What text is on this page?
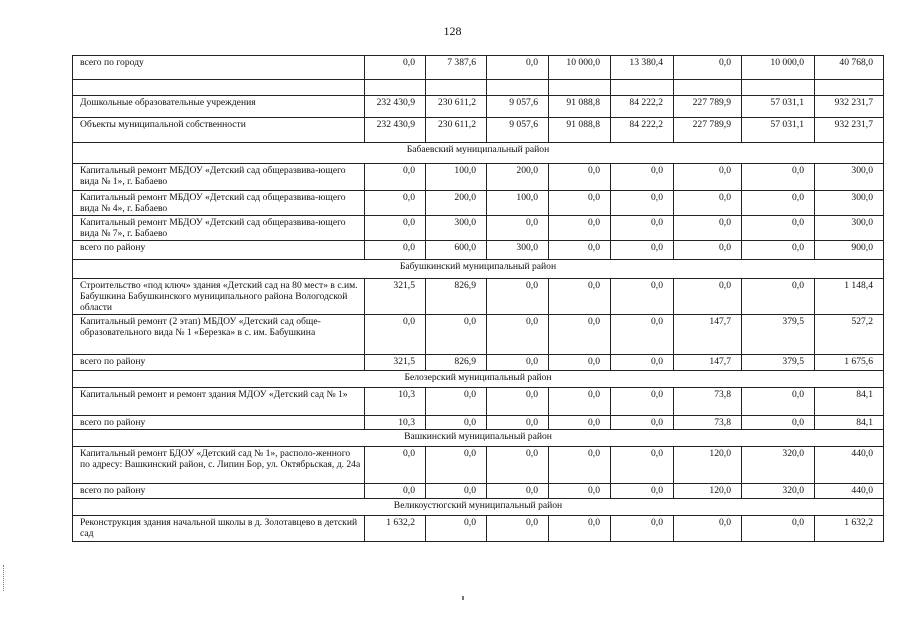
128
всего по городу	0,0	7 387,6	0,0	10 000,0	13 380,4	0,0	10 000,0	40 768,0

Дошкольные образовательные учреждения	232 430,9	230 611,2	9 057,6	91 088,8	84 222,2	227 789,9	57 031,1	932 231,7
Объекты муниципальной собственности	232 430,9	230 611,2	9 057,6	91 088,8	84 222,2	227 789,9	57 031,1	932 231,7
Бабаевский муниципальный район								
Капитальный ремонт МБДОУ «Детский сад общеразвива-ющего вида № 1», г. Бабаево	0,0	100,0	200,0	0,0	0,0	0,0	0,0	300,0
Капитальный ремонт МБДОУ «Детский сад общеразвива-ющего вида № 4», г. Бабаево	0,0	200,0	100,0	0,0	0,0	0,0	0,0	300,0
Капитальный ремонт МБДОУ «Детский сад общеразвива-ющего вида № 7», г. Бабаево	0,0	300,0	0,0	0,0	0,0	0,0	0,0	300,0
всего по району	0,0	600,0	300,0	0,0	0,0	0,0	0,0	900,0
Бабушкинский муниципальный район								
Строительство «под ключ» здания «Детский сад на 80 мест» в с.им. Бабушкина Бабушкинского муниципального района Вологодской области	321,5	826,9	0,0	0,0	0,0	0,0	0,0	1 148,4
Капитальный ремонт (2 этап) МБДОУ «Детский сад обще-образовательного вида № 1 «Березка» в с. им. Бабушкина	0,0	0,0	0,0	0,0	0,0	147,7	379,5	527,2
всего по району	321,5	826,9	0,0	0,0	0,0	147,7	379,5	1 675,6
Белозерский муниципальный район								
Капитальный ремонт и ремонт здания МДОУ «Детский сад № 1»	10,3	0,0	0,0	0,0	0,0	73,8	0,0	84,1
всего по району	10,3	0,0	0,0	0,0	0,0	73,8	0,0	84,1
Вашкинский муниципальный район								
Капитальный ремонт БДОУ «Детский сад № 1», располо-женного по адресу: Вашкинский район, с. Липин Бор, ул. Октябрьская, д. 24а	0,0	0,0	0,0	0,0	0,0	120,0	320,0	440,0
всего по району	0,0	0,0	0,0	0,0	0,0	120,0	320,0	440,0
Великоустюгский муниципальный район								
Реконструкция здания начальной школы в д. Золотавцево в детский сад	1 632,2	0,0	0,0	0,0	0,0	0,0	0,0	1 632,2
